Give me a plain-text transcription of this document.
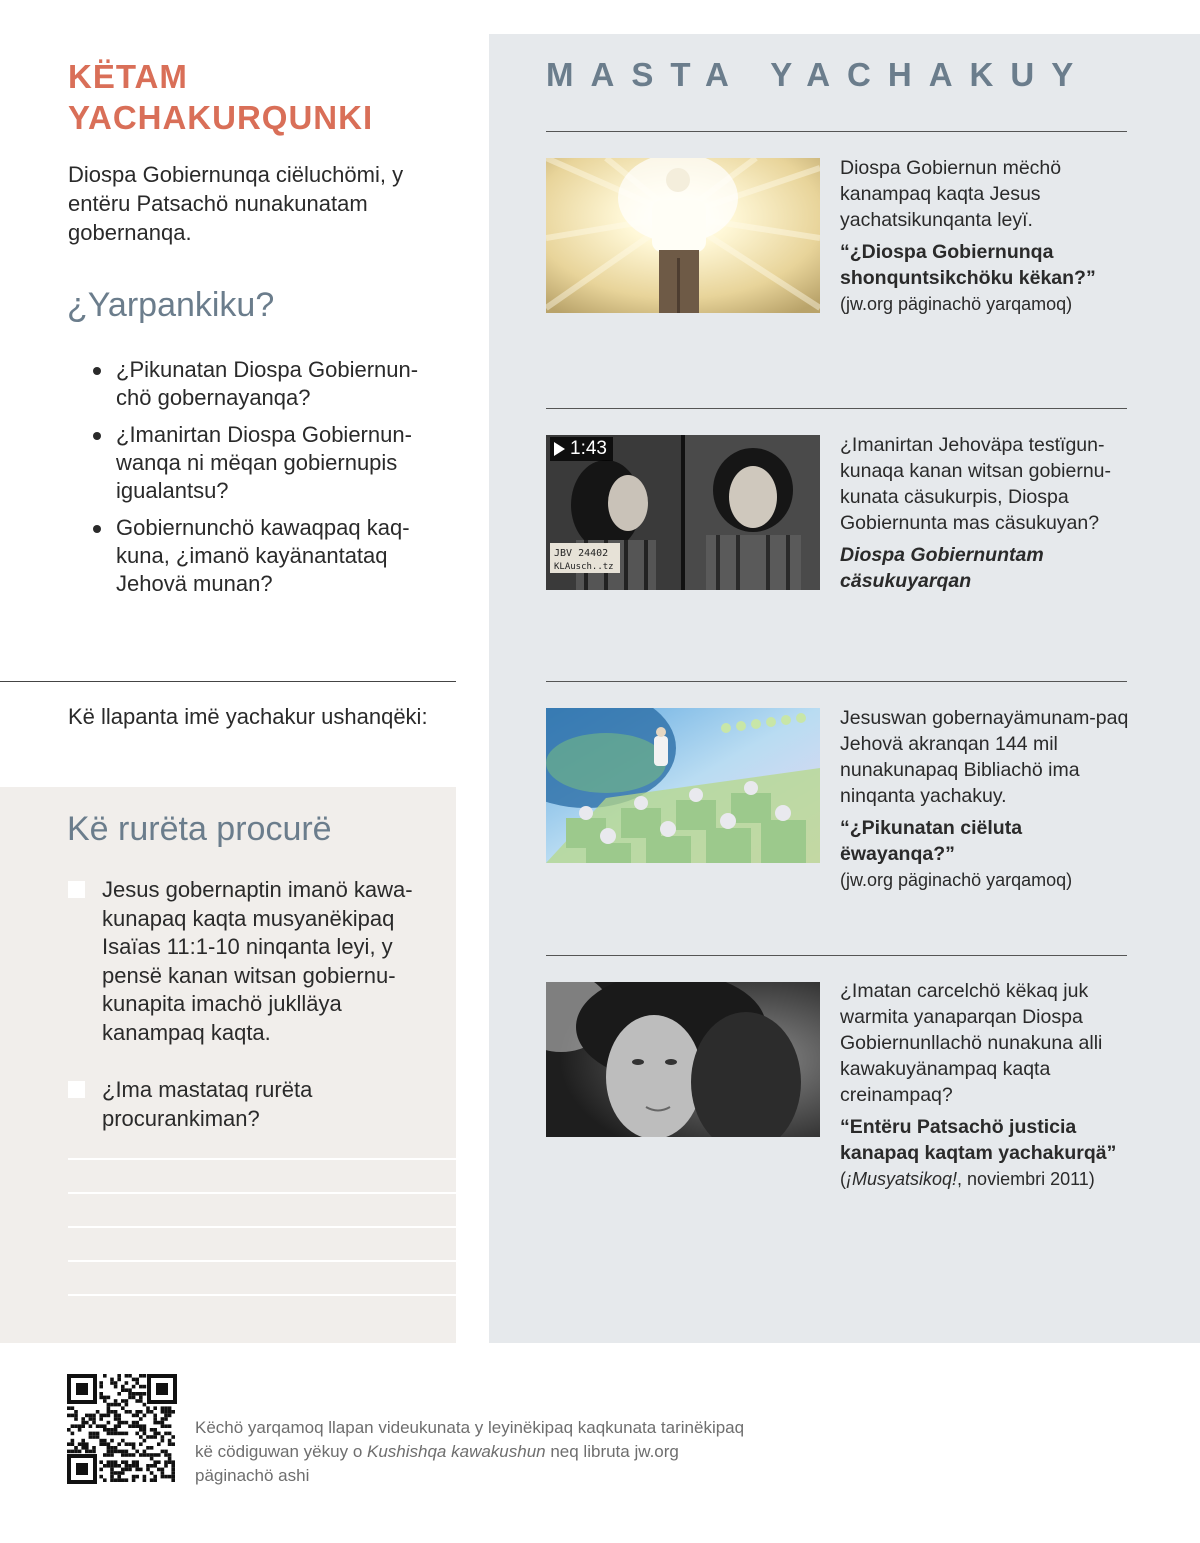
KËTAM YACHAKURQUNKI

Diospa Gobiernunqa ciëluchömi, y entëru Patsachö nunakunatam gobernanqa.

¿Yarpankiku?
¿Pikunatan Diospa Gobiernun-chö gobernayanqa?
¿Imanirtan Diospa Gobiernun-wanqa ni mëqan gobiernupis igualantsu?
Gobiernunchö kawaqpaq kaq-kuna, ¿imanö kayänantataq Jehovä munan?
Kë llapanta imë yachakur ushanqëki:
Kë rurëta procurë
Jesus gobernaptin imanö kawa-kunapaq kaqta musyanëkipaq Isaïas 11:1-10 ninqanta leyi, y pensë kanan witsan gobiernu-kunapita imachö juklläya kanampaq kaqta.
¿Ima mastataq rurëta procurankiman?
MASTA YACHAKUY

Diospa Gobiernun mëchö kanampaq kaqta Jesus yachatsikunqanta leyï.

“¿Diospa Gobiernunqa shonquntsikchöku këkan?”

(jw.org päginachö yarqamoq)

JBV 24402
KLAusch..tz
1:43	¿Imanirtan Jehoväpa testïgun-kunaqa kanan witsan gobiernu-kunata cäsukurpis, Diospa Gobiernunta mas cäsukuyan?

Diospa Gobiernuntam cäsukuyarqan

Jesuswan gobernayämunam-paq Jehovä akranqan 144 mil nunakunapaq Bibliachö ima ninqanta yachakuy.

“¿Pikunatan ciëluta ëwayanqa?”

(jw.org päginachö yarqamoq)

¿Imatan carcelchö këkaq juk warmita yanaparqan Diospa Gobiernunllachö nunakuna alli kawakuyänampaq kaqta creinampaq?

“Entëru Patsachö justicia kanapaq kaqtam yachakurqä”

(¡Musyatsikoq!, noviembri 2011)

Këchö yarqamoq llapan videukunata y leyinëkipaq kaqkunata tarinëkipaq kë cödiguwan yëkuy o Kushishqa kawakushun neq libruta jw.org päginachö ashi
